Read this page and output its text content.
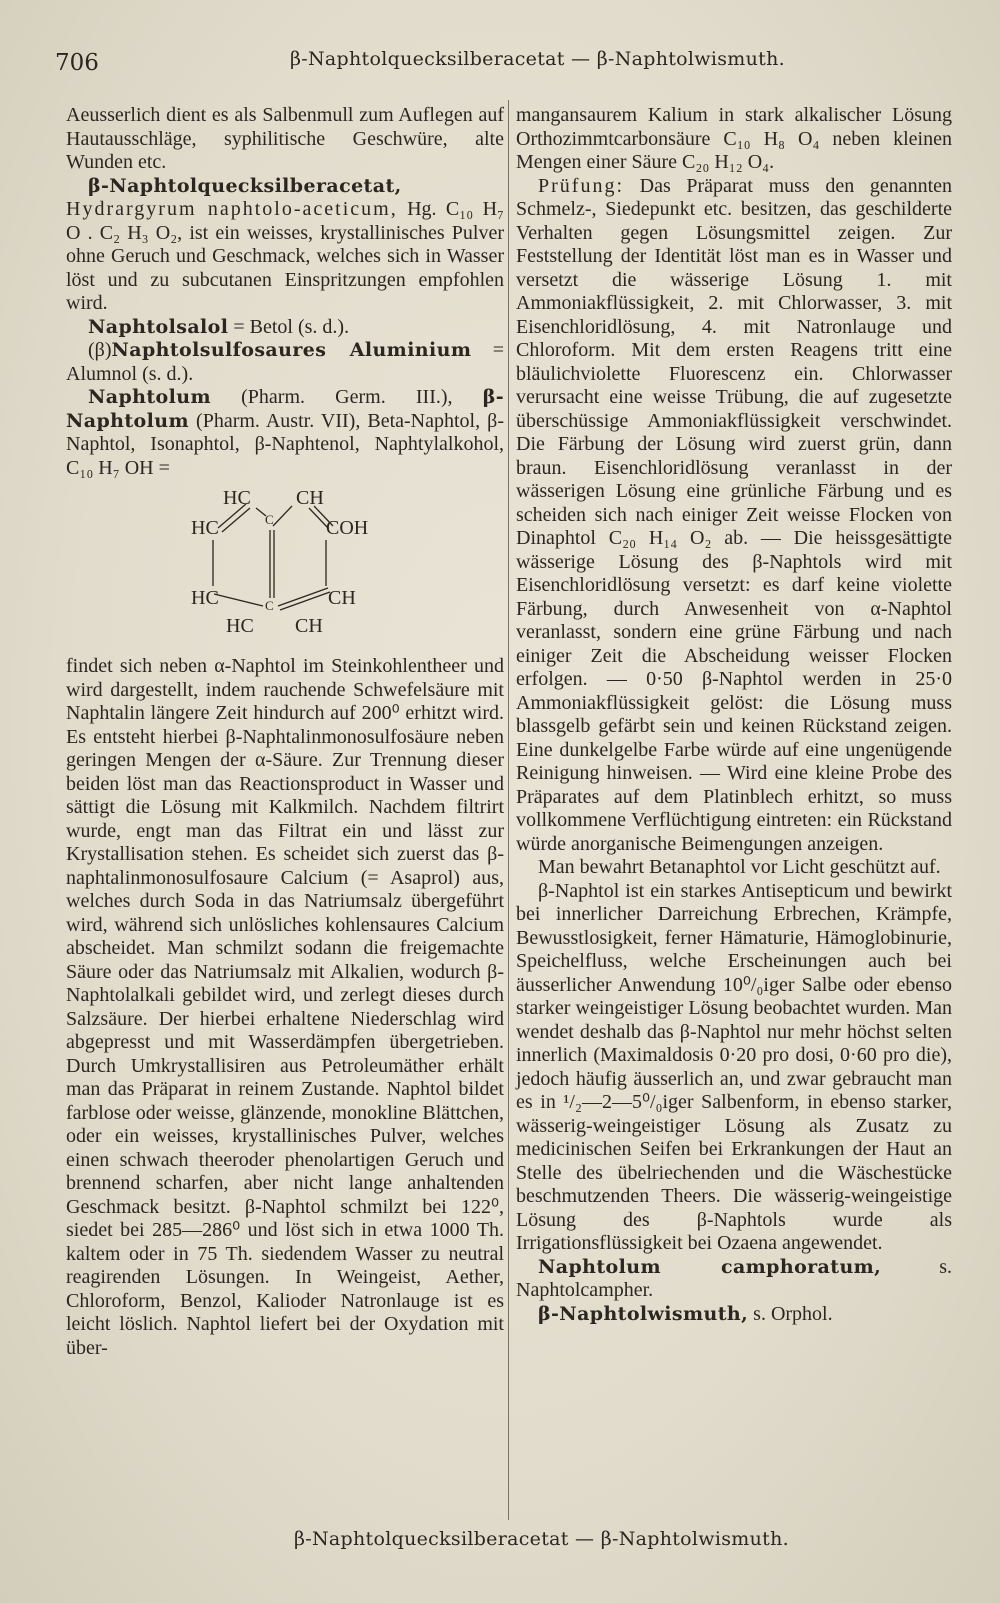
706	β-Naphtolquecksilberacetat — β-Naphtolwismuth.

Aeusserlich dient es als Salbenmull zum Auflegen auf Hautausschläge, syphilitische Geschwüre, alte Wunden etc.

β-Naphtolquecksilberacetat, Hydrargyrum naphtolo-aceticum, Hg. C₁₀ H₇ O . C₂ H₃ O₂, ist ein weisses, krystallinisches Pulver ohne Geruch und Geschmack, welches sich in Wasser löst und zu subcutanen Einspritzungen empfohlen wird.

Naphtolsalol = Betol (s. d.).

(β)Naphtolsulfosaures Aluminium = Alumnol (s. d.).

Naphtolum (Pharm. Germ. III.), β-Naphtolum (Pharm. Austr. VII), Beta-Naphtol, β-Naphtol, Isonaphtol, β-Naphtenol, Naphtylalkohol, C₁₀ H₇ OH =

HC CH
HC	C	COH
HC	C	CH
HC CH

findet sich neben α-Naphtol im Steinkohlentheer und wird dargestellt, indem rauchende Schwefelsäure mit Naphtalin längere Zeit hindurch auf 200⁰ erhitzt wird. Es entsteht hierbei β-Naphtalinmonosulfosäure neben geringen Mengen der α-Säure. Zur Trennung dieser beiden löst man das Reactionsproduct in Wasser und sättigt die Lösung mit Kalkmilch. Nachdem filtrirt wurde, engt man das Filtrat ein und lässt zur Krystallisation stehen. Es scheidet sich zuerst das β-naphtalinmonosulfosaure Calcium (= Asaprol) aus, welches durch Soda in das Natriumsalz übergeführt wird, während sich unlösliches kohlensaures Calcium abscheidet. Man schmilzt sodann die freigemachte Säure oder das Natriumsalz mit Alkalien, wodurch β-Naphtolalkali gebildet wird, und zerlegt dieses durch Salzsäure. Der hierbei erhaltene Niederschlag wird abgepresst und mit Wasserdämpfen übergetrieben. Durch Umkrystallisiren aus Petroleumäther erhält man das Präparat in reinem Zustande. Naphtol bildet farblose oder weisse, glänzende, monokline Blättchen, oder ein weisses, krystallinisches Pulver, welches einen schwach theeroder phenolartigen Geruch und brennend scharfen, aber nicht lange anhaltenden Geschmack besitzt. β-Naphtol schmilzt bei 122⁰, siedet bei 285—286⁰ und löst sich in etwa 1000 Th. kaltem oder in 75 Th. siedendem Wasser zu neutral reagirenden Lösungen. In Weingeist, Aether, Chloroform, Benzol, Kalioder Natronlauge ist es leicht löslich. Naphtol liefert bei der Oxydation mit über-

mangansaurem Kalium in stark alkalischer Lösung Orthozimmtcarbonsäure C₁₀ H₈ O₄ neben kleinen Mengen einer Säure C₂₀ H₁₂ O₄.

Prüfung: Das Präparat muss den genannten Schmelz-, Siedepunkt etc. besitzen, das geschilderte Verhalten gegen Lösungsmittel zeigen. Zur Feststellung der Identität löst man es in Wasser und versetzt die wässerige Lösung 1. mit Ammoniakflüssigkeit, 2. mit Chlorwasser, 3. mit Eisenchloridlösung, 4. mit Natronlauge und Chloroform. Mit dem ersten Reagens tritt eine bläulichviolette Fluorescenz ein. Chlorwasser verursacht eine weisse Trübung, die auf zugesetzte überschüssige Ammoniakflüssigkeit verschwindet. Die Färbung der Lösung wird zuerst grün, dann braun. Eisenchloridlösung veranlasst in der wässerigen Lösung eine grünliche Färbung und es scheiden sich nach einiger Zeit weisse Flocken von Dinaphtol C₂₀ H₁₄ O₂ ab. — Die heissgesättigte wässerige Lösung des β-Naphtols wird mit Eisenchloridlösung versetzt: es darf keine violette Färbung, durch Anwesenheit von α-Naphtol veranlasst, sondern eine grüne Färbung und nach einiger Zeit die Abscheidung weisser Flocken erfolgen. — 0·50 β-Naphtol werden in 25·0 Ammoniakflüssigkeit gelöst: die Lösung muss blassgelb gefärbt sein und keinen Rückstand zeigen. Eine dunkelgelbe Farbe würde auf eine ungenügende Reinigung hinweisen. — Wird eine kleine Probe des Präparates auf dem Platinblech erhitzt, so muss vollkommene Verflüchtigung eintreten: ein Rückstand würde anorganische Beimengungen anzeigen.

Man bewahrt Betanaphtol vor Licht geschützt auf.

β-Naphtol ist ein starkes Antisepticum und bewirkt bei innerlicher Darreichung Erbrechen, Krämpfe, Bewusstlosigkeit, ferner Hämaturie, Hämoglobinurie, Speichelfluss, welche Erscheinungen auch bei äusserlicher Anwendung 10⁰/₀iger Salbe oder ebenso starker weingeistiger Lösung beobachtet wurden. Man wendet deshalb das β-Naphtol nur mehr höchst selten innerlich (Maximaldosis 0·20 pro dosi, 0·60 pro die), jedoch häufig äusserlich an, und zwar gebraucht man es in ¹/₂—2—5⁰/₀iger Salbenform, in ebenso starker, wässerig-weingeistiger Lösung als Zusatz zu medicinischen Seifen bei Erkrankungen der Haut an Stelle des übelriechenden und die Wäschestücke beschmutzenden Theers. Die wässerig-weingeistige Lösung des β-Naphtols wurde als Irrigationsflüssigkeit bei Ozaena angewendet.

Naphtolum camphoratum,	s. Naphtolcampher.

β-Naphtolwismuth, s. Orphol.

β-Naphtolquecksilberacetat — β-Naphtolwismuth.
